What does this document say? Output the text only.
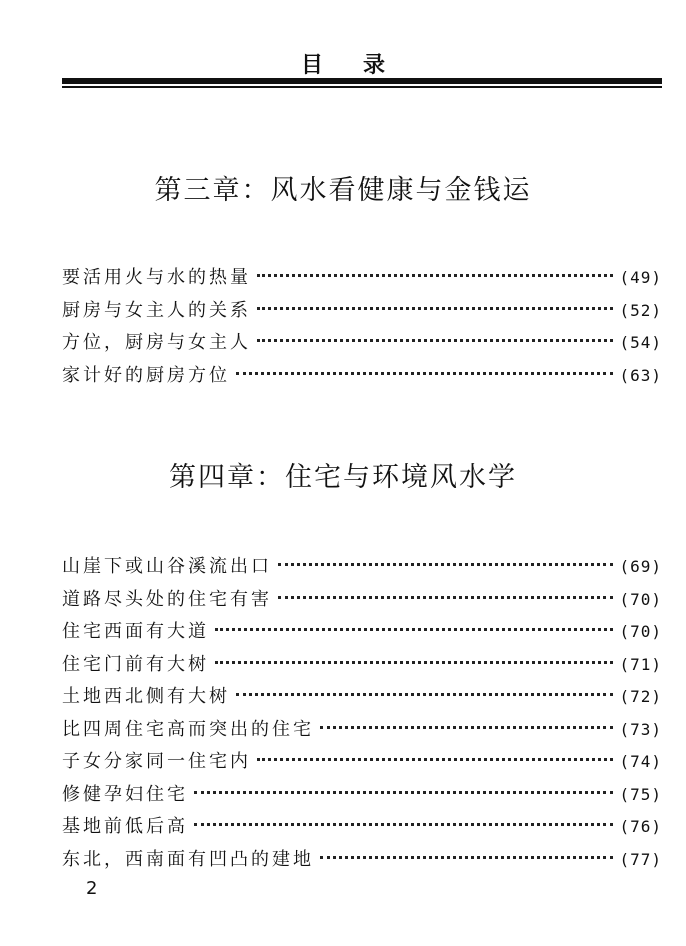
目 录
第三章：风水看健康与金钱运
要活用火与水的热量	(49)
厨房与女主人的关系	(52)
方位，厨房与女主人	(54)
家计好的厨房方位	(63)
第四章：住宅与环境风水学
山崖下或山谷溪流出口	(69)
道路尽头处的住宅有害	(70)
住宅西面有大道	(70)
住宅门前有大树	(71)
土地西北侧有大树	(72)
比四周住宅高而突出的住宅	(73)
子女分家同一住宅内	(74)
修健孕妇住宅	(75)
基地前低后高	(76)
东北，西南面有凹凸的建地	(77)
2
